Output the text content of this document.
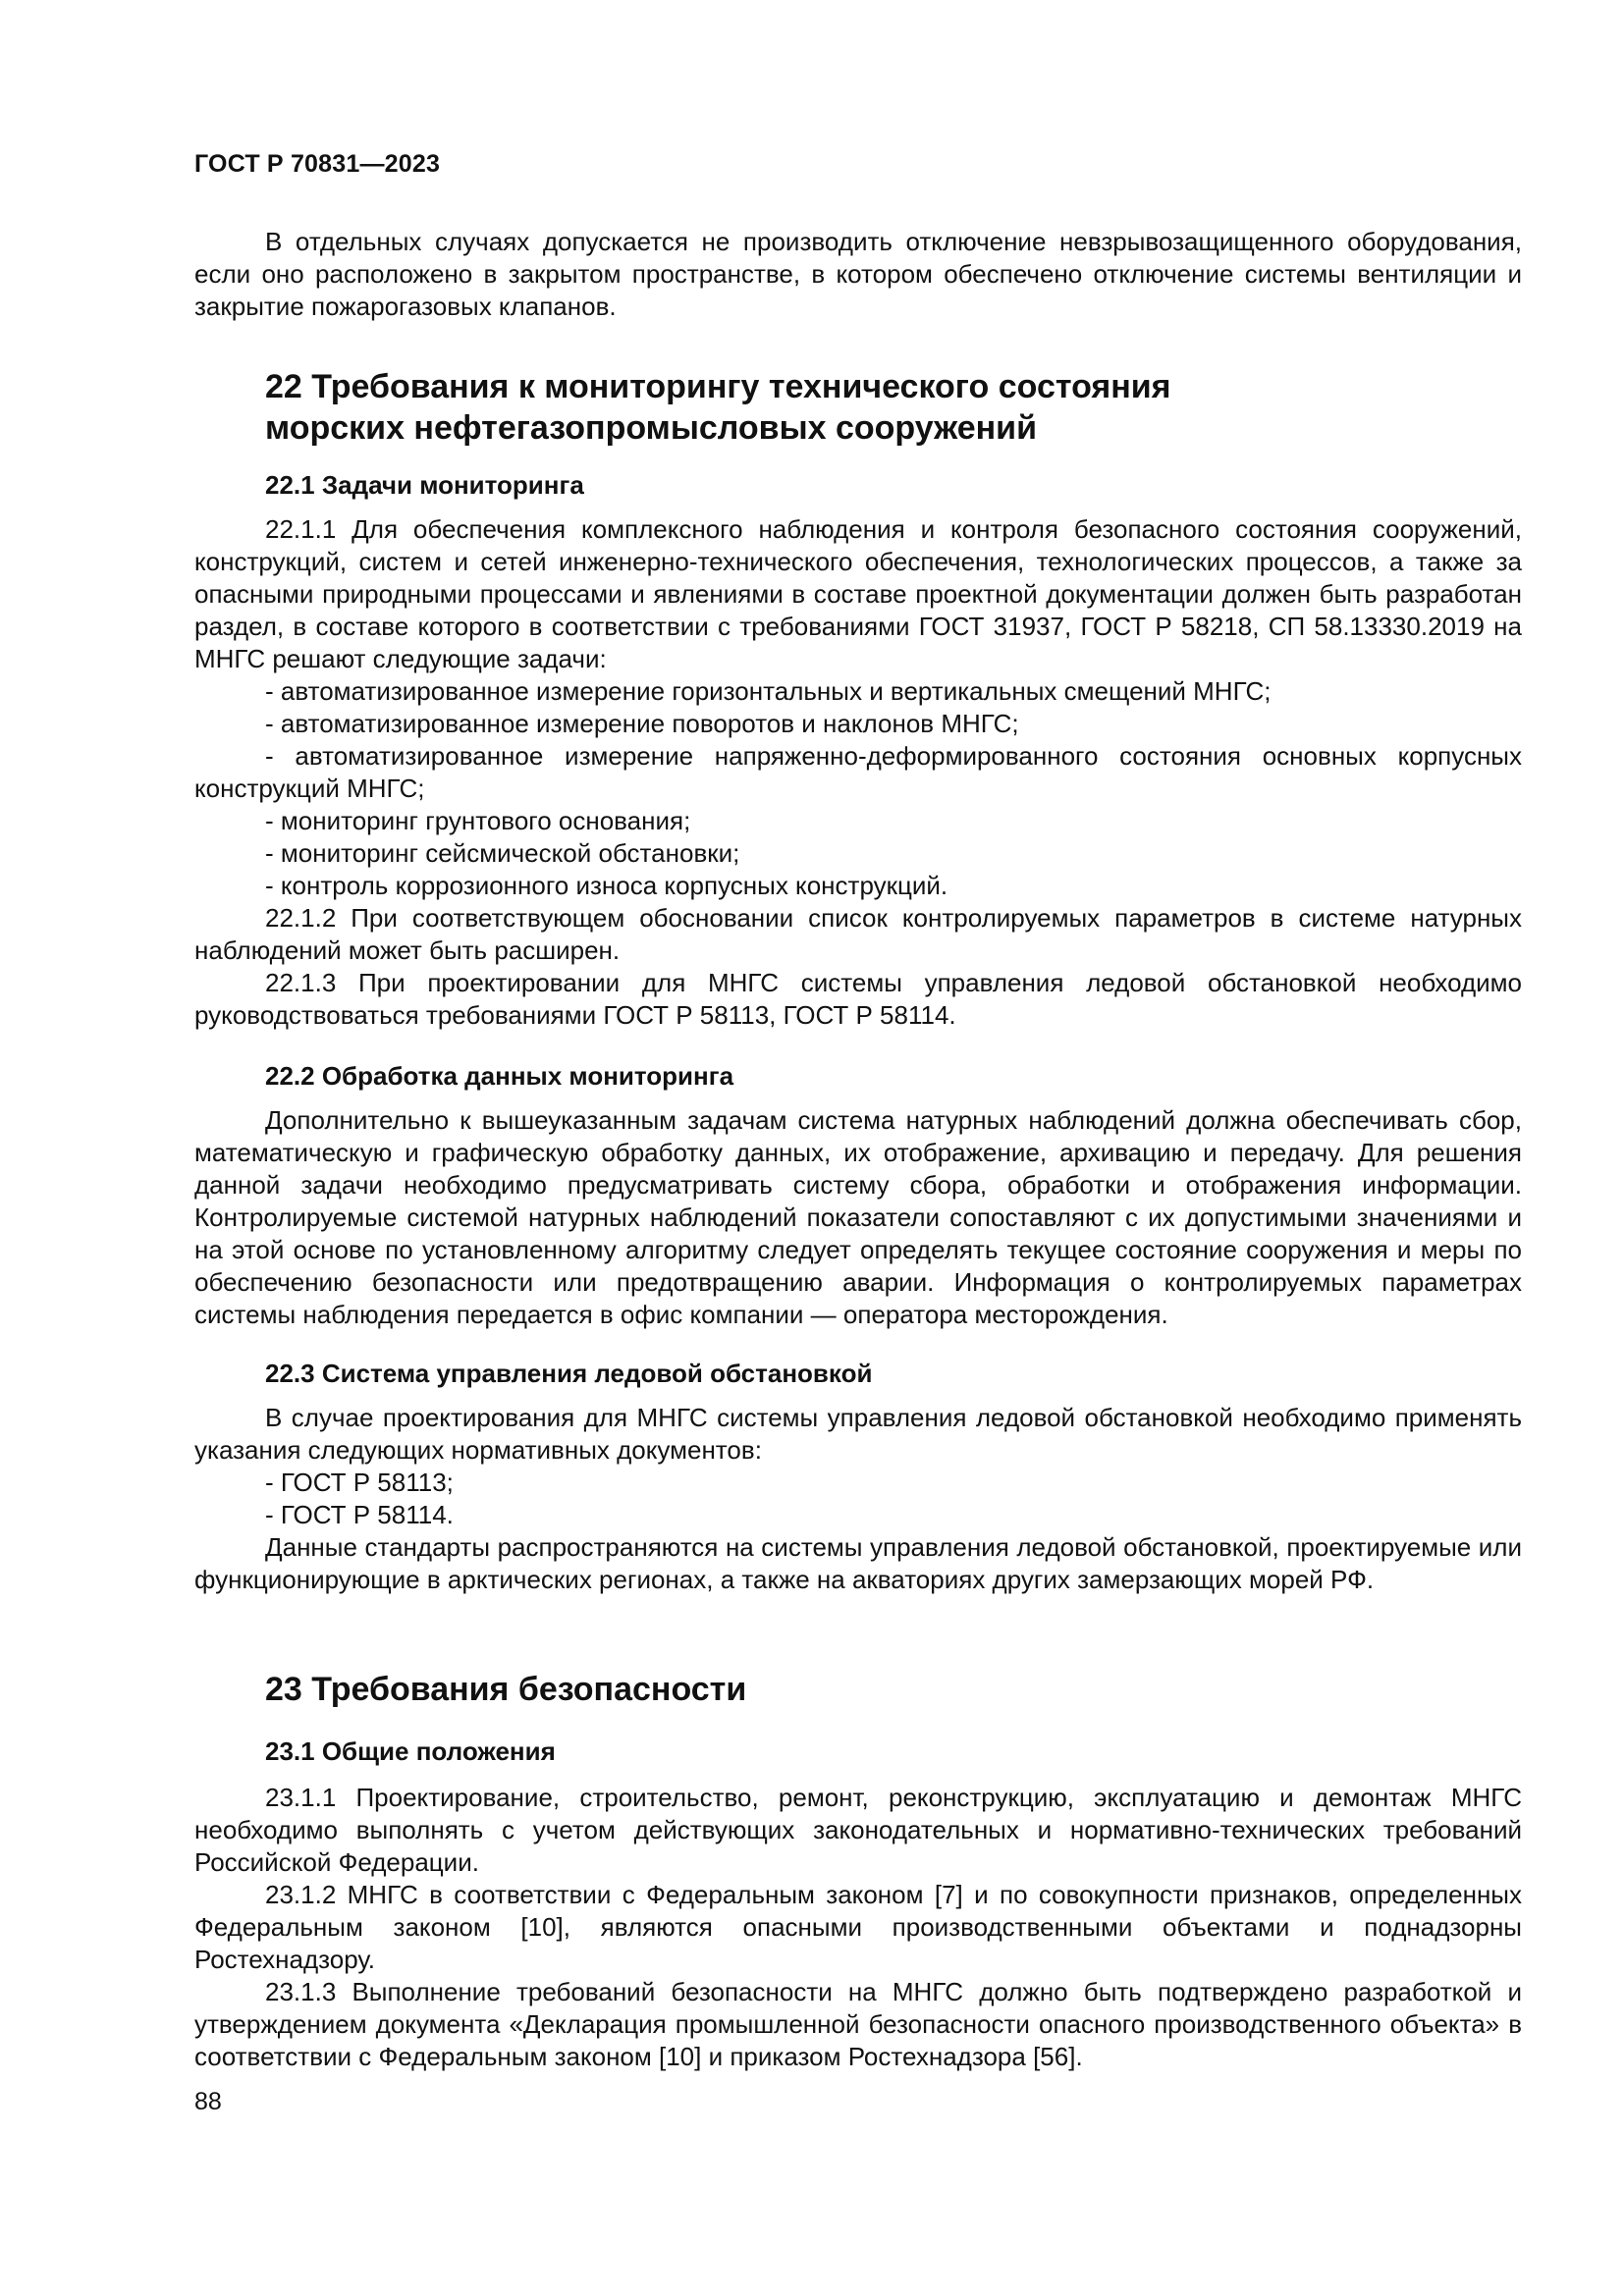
ГОСТ Р 70831—2023

В отдельных случаях допускается не производить отключение невзрывозащищенного оборудования, если оно расположено в закрытом пространстве, в котором обеспечено отключение системы вентиляции и закрытие пожарогазовых клапанов.

22 Требования к мониторингу технического состояния

морских нефтегазопромысловых сооружений

22.1 Задачи мониторинга

22.1.1 Для обеспечения комплексного наблюдения и контроля безопасного состояния сооружений, конструкций, систем и сетей инженерно-технического обеспечения, технологических процессов, а также за опасными природными процессами и явлениями в составе проектной документации должен быть разработан раздел, в составе которого в соответствии с требованиями ГОСТ 31937, ГОСТ Р 58218, СП 58.13330.2019 на МНГС решают следующие задачи:

- автоматизированное измерение горизонтальных и вертикальных смещений МНГС;

- автоматизированное измерение поворотов и наклонов МНГС;

- автоматизированное измерение напряженно-деформированного состояния основных корпусных конструкций МНГС;

- мониторинг грунтового основания;

- мониторинг сейсмической обстановки;

- контроль коррозионного износа корпусных конструкций.

22.1.2 При соответствующем обосновании список контролируемых параметров в системе натурных наблюдений может быть расширен.

22.1.3 При проектировании для МНГС системы управления ледовой обстановкой необходимо руководствоваться требованиями ГОСТ Р 58113, ГОСТ Р 58114.

22.2 Обработка данных мониторинга

Дополнительно к вышеуказанным задачам система натурных наблюдений должна обеспечивать сбор, математическую и графическую обработку данных, их отображение, архивацию и передачу. Для решения данной задачи необходимо предусматривать систему сбора, обработки и отображения информации. Контролируемые системой натурных наблюдений показатели сопоставляют с их допустимыми значениями и на этой основе по установленному алгоритму следует определять текущее состояние сооружения и меры по обеспечению безопасности или предотвращению аварии. Информация о контролируемых параметрах системы наблюдения передается в офис компании — оператора месторождения.

22.3 Система управления ледовой обстановкой

В случае проектирования для МНГС системы управления ледовой обстановкой необходимо применять указания следующих нормативных документов:

- ГОСТ Р 58113;

- ГОСТ Р 58114.

Данные стандарты распространяются на системы управления ледовой обстановкой, проектируемые или функционирующие в арктических регионах, а также на акваториях других замерзающих морей РФ.

23 Требования безопасности

23.1 Общие положения

23.1.1 Проектирование, строительство, ремонт, реконструкцию, эксплуатацию и демонтаж МНГС необходимо выполнять с учетом действующих законодательных и нормативно-технических требований Российской Федерации.

23.1.2 МНГС в соответствии с Федеральным законом [7] и по совокупности признаков, определенных Федеральным законом [10], являются опасными производственными объектами и поднадзорны Ростехнадзору.

23.1.3 Выполнение требований безопасности на МНГС должно быть подтверждено разработкой и утверждением документа «Декларация промышленной безопасности опасного производственного объекта» в соответствии с Федеральным законом [10] и приказом Ростехнадзора [56].

88
